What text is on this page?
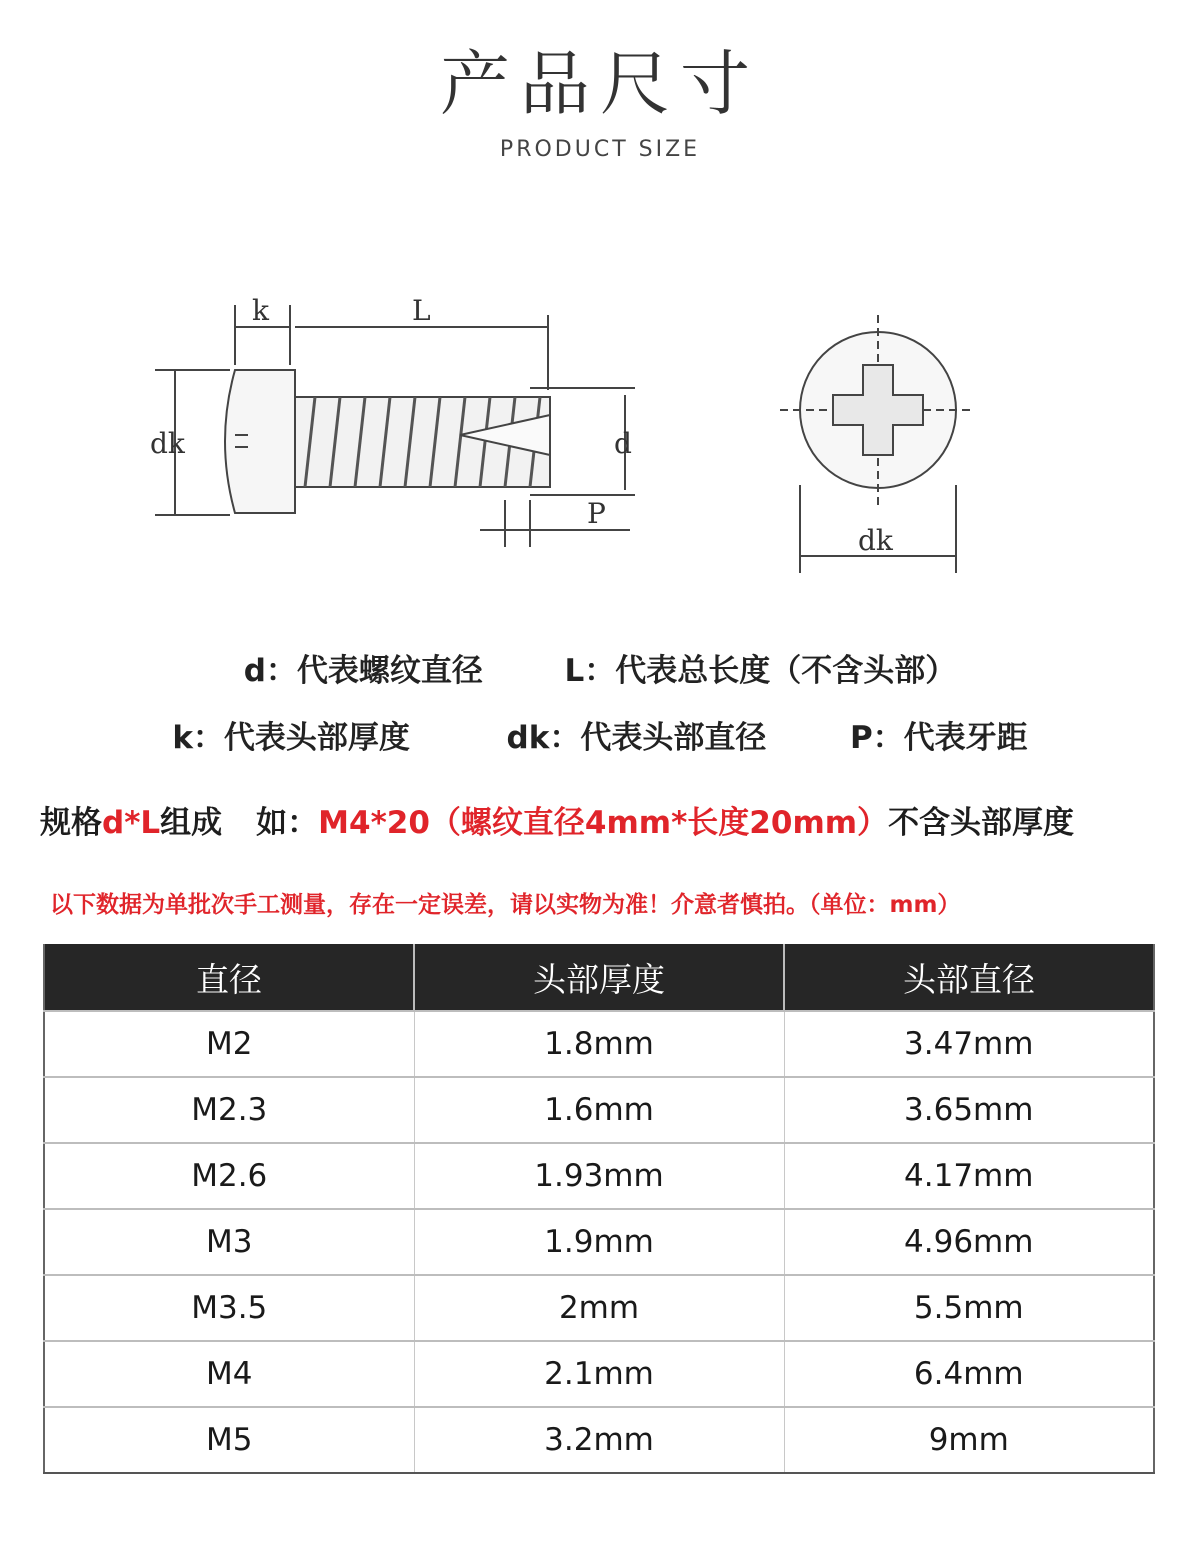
产品尺寸
PRODUCT SIZE
k	L
dk	d
P
dk
d：代表螺纹直径	L：代表总长度（不含头部）
k：代表头部厚度	dk：代表头部直径	P：代表牙距
规格d*L组成 如：M4*20（螺纹直径4mm*长度20mm）不含头部厚度
以下数据为单批次手工测量，存在一定误差，请以实物为准！介意者慎拍。（单位：mm）
直径	头部厚度	头部直径
M2	1.8mm	3.47mm
M2.3	1.6mm	3.65mm
M2.6	1.93mm	4.17mm
M3	1.9mm	4.96mm
M3.5	2mm	5.5mm
M4	2.1mm	6.4mm
M5	3.2mm	9mm
